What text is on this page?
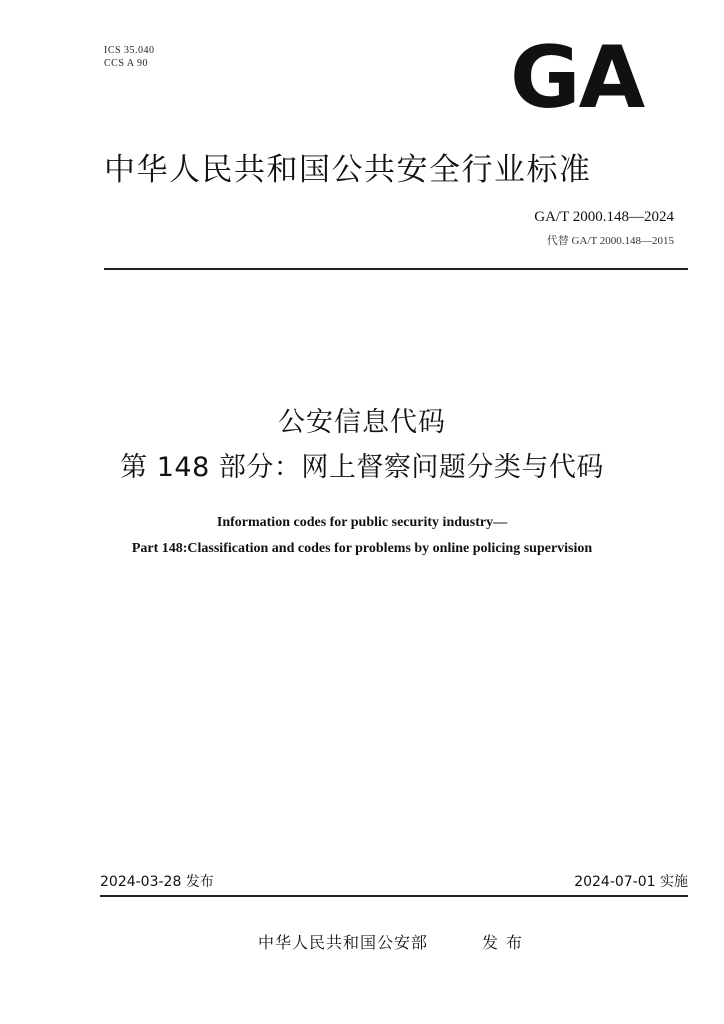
ICS 35.040
CCS A 90	GA
中华人民共和国公共安全行业标准
GA/T 2000.148—2024
代替 GA/T 2000.148—2015
公安信息代码
第 148 部分：网上督察问题分类与代码
Information codes for public security industry—
Part 148:Classification and codes for problems by online policing supervision
2024-03-28 发布	2024-07-01 实施
中华人民共和国公安部	发布
